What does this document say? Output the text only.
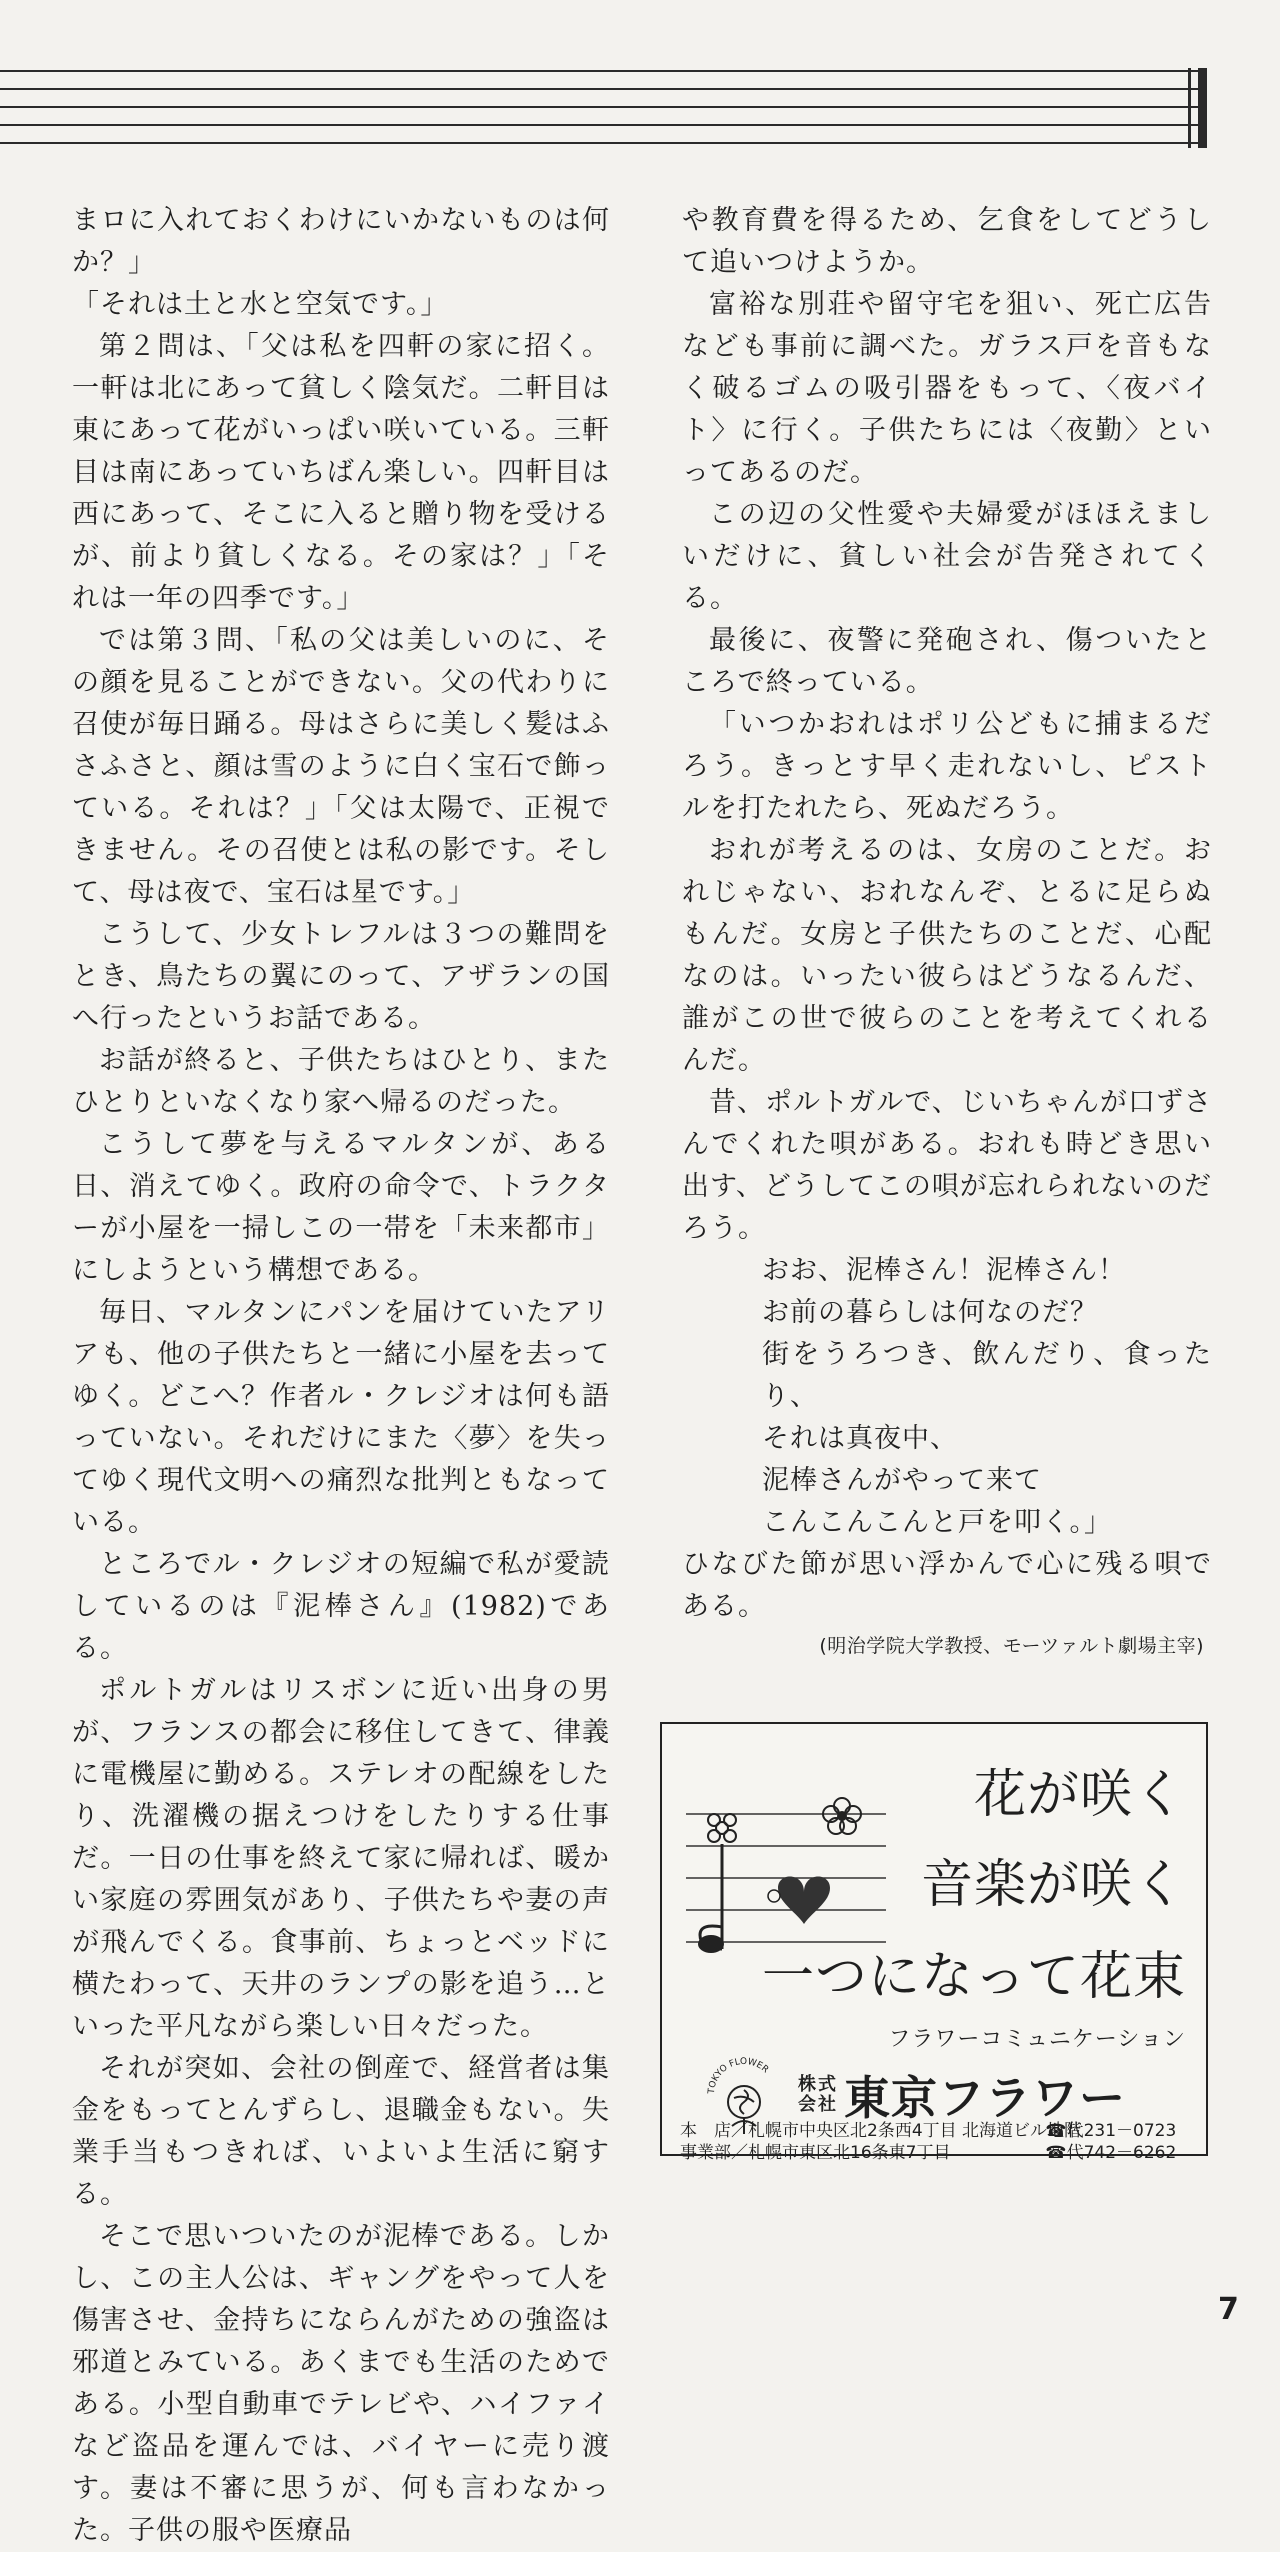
まロに入れておくわけにいかないものは何か？」
「それは土と水と空気です。」

第２問は、「父は私を四軒の家に招く。一軒は北にあって貧しく陰気だ。二軒目は東にあって花がいっぱい咲いている。三軒目は南にあっていちばん楽しい。四軒目は西にあって、そこに入ると贈り物を受けるが、前より貧しくなる。その家は？」「それは一年の四季です。」

では第３問、「私の父は美しいのに、その顔を見ることができない。父の代わりに召使が毎日踊る。母はさらに美しく髪はふさふさと、顔は雪のように白く宝石で飾っている。それは？」「父は太陽で、正視できません。その召使とは私の影です。そして、母は夜で、宝石は星です。」

こうして、少女トレフルは３つの難問をとき、鳥たちの翼にのって、アザランの国へ行ったというお話である。

お話が終ると、子供たちはひとり、またひとりといなくなり家へ帰るのだった。

こうして夢を与えるマルタンが、ある日、消えてゆく。政府の命令で、トラクターが小屋を一掃しこの一帯を「未来都市」にしようという構想である。

毎日、マルタンにパンを届けていたアリアも、他の子供たちと一緒に小屋を去ってゆく。どこへ？作者ル・クレジオは何も語っていない。それだけにまた〈夢〉を失ってゆく現代文明への痛烈な批判ともなっている。

ところでル・クレジオの短編で私が愛読しているのは『泥棒さん』(1982)である。

ポルトガルはリスボンに近い出身の男が、フランスの都会に移住してきて、律義に電機屋に勤める。ステレオの配線をしたり、洗濯機の据えつけをしたりする仕事だ。一日の仕事を終えて家に帰れば、暖かい家庭の雰囲気があり、子供たちや妻の声が飛んでくる。食事前、ちょっとベッドに横たわって、天井のランプの影を追う…といった平凡ながら楽しい日々だった。

それが突如、会社の倒産で、経営者は集金をもってとんずらし、退職金もない。失業手当もつきれば、いよいよ生活に窮する。

そこで思いついたのが泥棒である。しかし、この主人公は、ギャングをやって人を傷害させ、金持ちにならんがための強盗は邪道とみている。あくまでも生活のためである。小型自動車でテレビや、ハイファイなど盗品を運んでは、バイヤーに売り渡す。妻は不審に思うが、何も言わなかった。子供の服や医療品

や教育費を得るため、乞食をしてどうして追いつけようか。

富裕な別荘や留守宅を狙い、死亡広告なども事前に調べた。ガラス戸を音もなく破るゴムの吸引器をもって、〈夜バイト〉に行く。子供たちには〈夜勤〉といってあるのだ。

この辺の父性愛や夫婦愛がほほえましいだけに、貧しい社会が告発されてくる。

最後に、夜警に発砲され、傷ついたところで終っている。

「いつかおれはポリ公どもに捕まるだろう。きっとす早く走れないし、ピストルを打たれたら、死ぬだろう。

おれが考えるのは、女房のことだ。おれじゃない、おれなんぞ、とるに足らぬもんだ。女房と子供たちのことだ、心配なのは。いったい彼らはどうなるんだ、誰がこの世で彼らのことを考えてくれるんだ。

昔、ポルトガルで、じいちゃんが口ずさんでくれた唄がある。おれも時どき思い出す、どうしてこの唄が忘れられないのだろう。

おお、泥棒さん！泥棒さん！

お前の暮らしは何なのだ？

街をうろつき、飲んだり、食ったり、

それは真夜中、

泥棒さんがやって来て

こんこんこんと戸を叩く。」

ひなびた節が思い浮かんで心に残る唄である。

(明治学院大学教授、モーツァルト劇場主宰)

花が咲く
音楽が咲く
一つになって花束
フラワーコミュニケーション
TOKYO FLOWER
株式会社 東京フラワー
本　店／札幌市中央区北2条西4丁目 北海道ビル地階 ☎代231－0723
事業部／札幌市東区北16条東7丁目	☎代742－6262
7
